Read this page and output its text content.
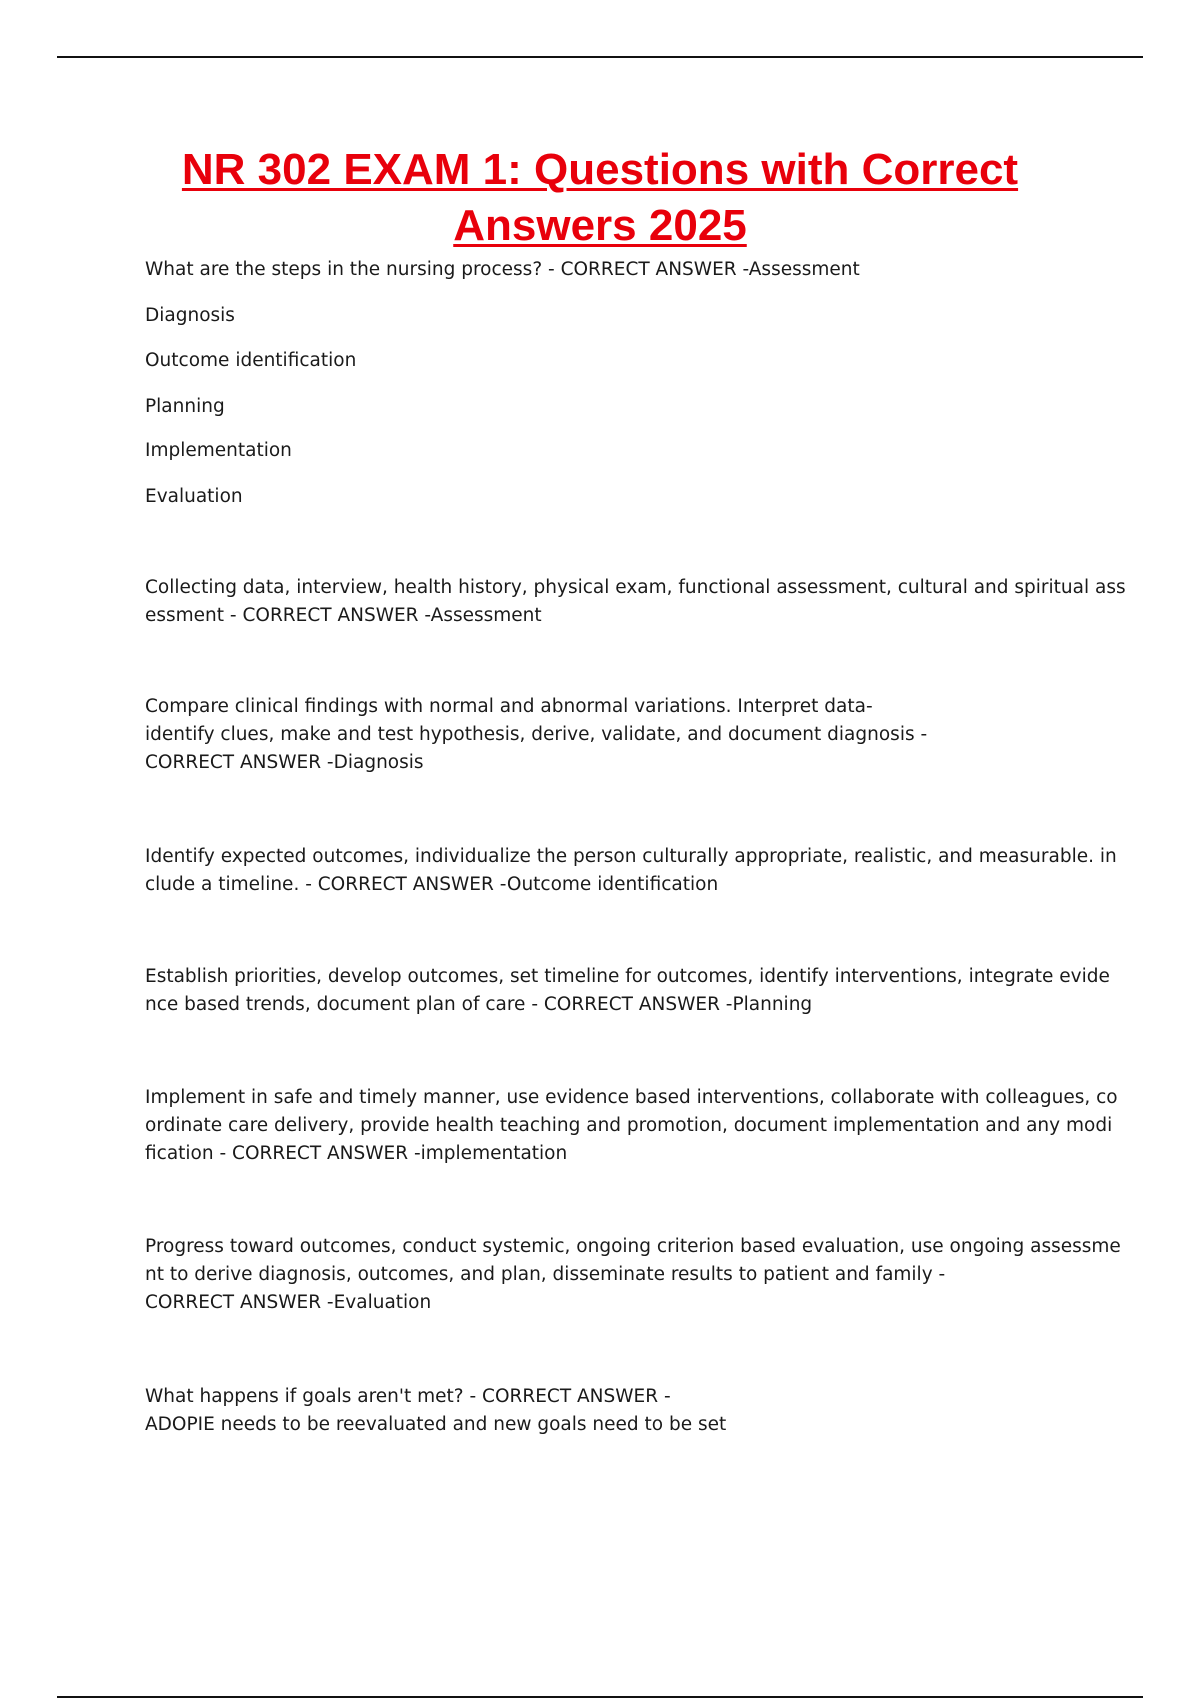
NR 302 EXAM 1: Questions with Correct
Answers 2025

What are the steps in the nursing process? - CORRECT ANSWER -Assessment

Diagnosis

Outcome identification

Planning

Implementation

Evaluation

Collecting data, interview, health history, physical exam, functional assessment, cultural and spiritual ass
essment - CORRECT ANSWER -Assessment

Compare clinical findings with normal and abnormal variations. Interpret data-
identify clues, make and test hypothesis, derive, validate, and document diagnosis -
CORRECT ANSWER -Diagnosis

Identify expected outcomes, individualize the person culturally appropriate, realistic, and measurable. in
clude a timeline. - CORRECT ANSWER -Outcome identification

Establish priorities, develop outcomes, set timeline for outcomes, identify interventions, integrate evide
nce based trends, document plan of care - CORRECT ANSWER -Planning

Implement in safe and timely manner, use evidence based interventions, collaborate with colleagues, co
ordinate care delivery, provide health teaching and promotion, document implementation and any modi
fication - CORRECT ANSWER -implementation

Progress toward outcomes, conduct systemic, ongoing criterion based evaluation, use ongoing assessme
nt to derive diagnosis, outcomes, and plan, disseminate results to patient and family -
CORRECT ANSWER -Evaluation

What happens if goals aren't met? - CORRECT ANSWER -
ADOPIE needs to be reevaluated and new goals need to be set
